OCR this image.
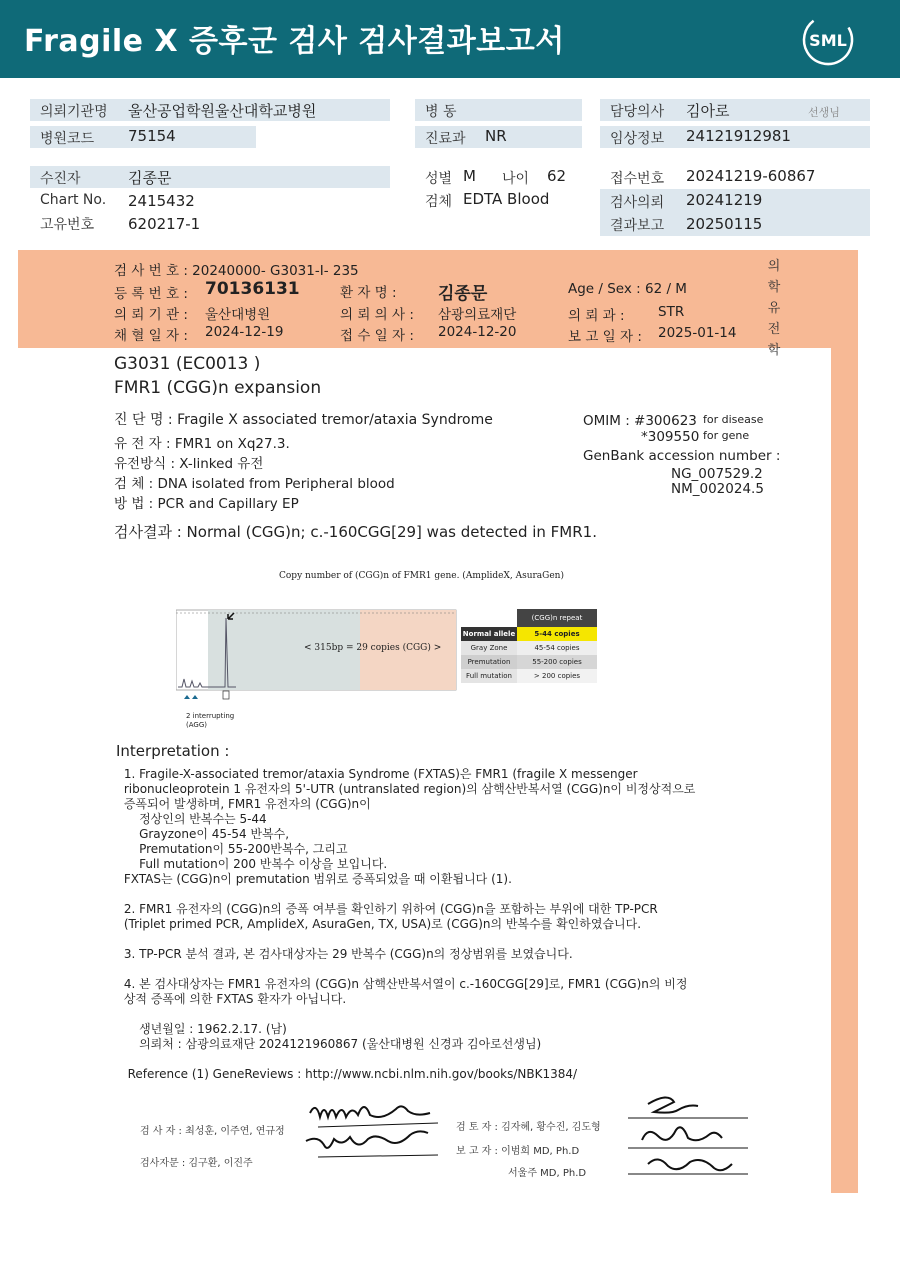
Fragile X 증후군 검사 검사결과보고서	SML
의뢰기관명 울산공업학원울산대학교병원
병원코드 75154
병 동
진료과 NR
담당의사 김아로	선생님
임상정보 24121912981
수진자	김종문
Chart No. 2415432
고유번호 620217-1
성별 M 나이 62
검체 EDTA Blood
접수번호 20241219-60867
검사의뢰 20241219
결과보고 20250115
검 사 번 호 : 20240000- G3031-I- 235
등 록 번 호 : 70136131	환 자 명 : 김종문	Age / Sex : 62 / M
의 뢰 기 관 : 울산대병원	의 뢰 의 사 : 삼광의료재단	의 뢰 과 : STR
채 혈 일 자 : 2024-12-19	접 수 일 자 : 2024-12-20	보 고 일 자 : 2025-01-14
의
학
유
전
학
G3031 (EC0013 )
FMR1 (CGG)n expansion
진 단 명 : Fragile X associated tremor/ataxia Syndrome
유 전 자 : FMR1 on Xq27.3.
유전방식 : X-linked 유전
검 체 : DNA isolated from Peripheral blood
방 법 : PCR and Capillary EP
OMIM : #300623 for disease
*309550 for gene
GenBank accession number :
NG_007529.2
NM_002024.5
검사결과 : Normal (CGG)n; c.-160CGG[29] was detected in FMR1.
Copy number of (CGG)n of FMR1 gene. (AmplideX, AsuraGen)
< 315bp = 29 copies (CGG) >
2 interrupting
(AGG)
(CGG)n repeat
Normal allele	5-44 copies
Gray Zone	45-54 copies
Premutation	55-200 copies
Full mutation	> 200 copies
Interpretation :
1. Fragile-X-associated tremor/ataxia Syndrome (FXTAS)은 FMR1 (fragile X messenger
ribonucleoprotein 1 유전자의 5'-UTR (untranslated region)의 삼핵산반복서열 (CGG)n이 비정상적으로
증폭되어 발생하며, FMR1 유전자의 (CGG)n이
정상인의 반복수는 5-44
Grayzone이 45-54 반복수,
Premutation이 55-200반복수, 그리고
Full mutation이 200 반복수 이상을 보입니다.
FXTAS는 (CGG)n이 premutation 범위로 증폭되었을 때 이환됩니다 (1).

2. FMR1 유전자의 (CGG)n의 증폭 여부를 확인하기 위하여 (CGG)n을 포함하는 부위에 대한 TP-PCR
(Triplet primed PCR, AmplideX, AsuraGen, TX, USA)로 (CGG)n의 반복수를 확인하였습니다.

3. TP-PCR 분석 결과, 본 검사대상자는 29 반복수 (CGG)n의 정상범위를 보였습니다.

4. 본 검사대상자는 FMR1 유전자의 (CGG)n 삼핵산반복서열이 c.-160CGG[29]로, FMR1 (CGG)n의 비정
상적 증폭에 의한 FXTAS 환자가 아닙니다.

생년월일 : 1962.2.17. (남)
의뢰처 : 삼광의료재단 2024121960867 (울산대병원 신경과 김아로선생님)

Reference (1) GeneReviews : http://www.ncbi.nlm.nih.gov/books/NBK1384/
검 사 자 : 최성훈, 이주연, 연규정
검사자문 : 김구환, 이진주
검 토 자 : 김자혜, 황수진, 김도형
보 고 자 : 이범희 MD, Ph.D
서울주 MD, Ph.D
